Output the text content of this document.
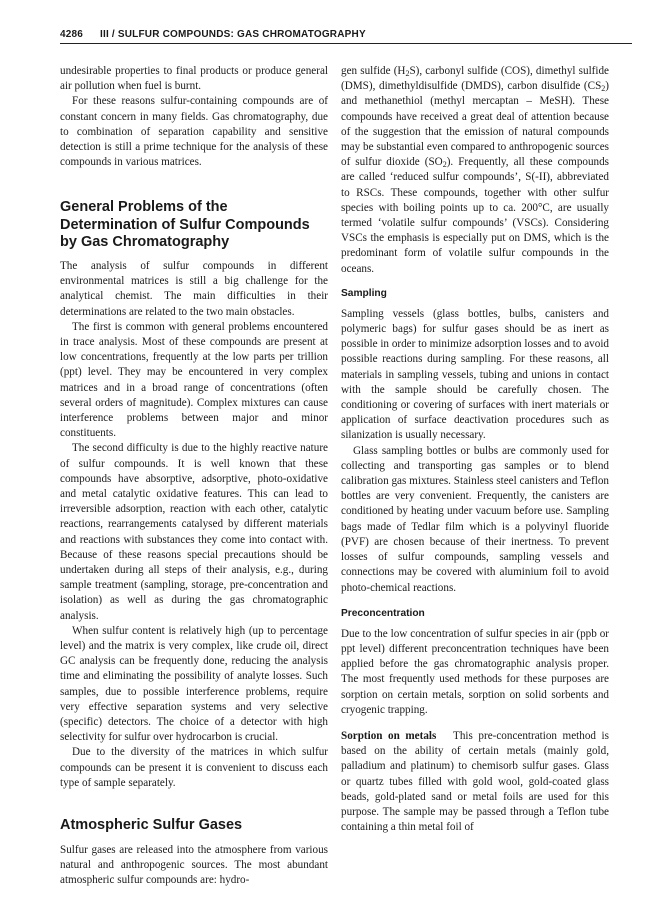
4286 III / SULFUR COMPOUNDS: GAS CHROMATOGRAPHY

undesirable properties to final products or produce general air pollution when fuel is burnt.

For these reasons sulfur-containing compounds are of constant concern in many fields. Gas chromatography, due to combination of separation capability and sensitive detection is still a prime technique for the analysis of these compounds in various matrices.

General Problems of the Determination of Sulfur Compounds by Gas Chromatography

The analysis of sulfur compounds in different environmental matrices is still a big challenge for the analytical chemist. The main difficulties in their determinations are related to the two main obstacles.

The first is common with general problems encountered in trace analysis. Most of these compounds are present at low concentrations, frequently at the low parts per trillion (ppt) level. They may be encountered in very complex matrices and in a broad range of concentrations (often several orders of magnitude). Complex mixtures can cause interference problems between major and minor constituents.

The second difficulty is due to the highly reactive nature of sulfur compounds. It is well known that these compounds have absorptive, adsorptive, photo-oxidative and metal catalytic oxidative features. This can lead to irreversible adsorption, reaction with each other, catalytic reactions, rearrangements catalysed by different materials and reactions with substances they come into contact with. Because of these reasons special precautions should be undertaken during all steps of their analysis, e.g., during sample treatment (sampling, storage, pre-concentration and isolation) as well as during the gas chromatographic analysis.

When sulfur content is relatively high (up to percentage level) and the matrix is very complex, like crude oil, direct GC analysis can be frequently done, reducing the analysis time and eliminating the possibility of analyte losses. Such samples, due to possible interference problems, require very effective separation systems and very selective (specific) detectors. The choice of a detector with high selectivity for sulfur over hydrocarbon is crucial.

Due to the diversity of the matrices in which sulfur compounds can be present it is convenient to discuss each type of sample separately.

Atmospheric Sulfur Gases

Sulfur gases are released into the atmosphere from various natural and anthropogenic sources. The most abundant atmospheric sulfur compounds are: hydro-

gen sulfide $(H_2S)$, carbonyl sulfide (COS), dimethyl sulfide (DMS), dimethyldisulfide (DMDS), carbon disulfide $(CS_2)$ and methanethiol (methyl mercaptan – MeSH). These compounds have received a great deal of attention because of the suggestion that the emission of natural compounds may be substantial even compared to anthropogenic sources of sulfur dioxide $(SO_2)$. Frequently, all these compounds are called ‘reduced sulfur compounds’, S(-II), abbreviated to RSCs. These compounds, together with other sulfur species with boiling points up to ca. 200°C, are usually termed ‘volatile sulfur compounds’ (VSCs). Considering VSCs the emphasis is especially put on DMS, which is the predominant form of volatile sulfur compounds in the oceans.

Sampling

Sampling vessels (glass bottles, bulbs, canisters and polymeric bags) for sulfur gases should be as inert as possible in order to minimize adsorption losses and to avoid possible reactions during sampling. For these reasons, all materials in sampling vessels, tubing and unions in contact with the sample should be carefully chosen. The conditioning or covering of surfaces with inert materials or application of surface deactivation procedures such as silanization is usually necessary.

Glass sampling bottles or bulbs are commonly used for collecting and transporting gas samples or to blend calibration gas mixtures. Stainless steel canisters and Teflon bottles are very convenient. Frequently, the canisters are conditioned by heating under vacuum before use. Sampling bags made of Tedlar film which is a polyvinyl fluoride (PVF) are chosen because of their inertness. To prevent losses of sulfur compounds, sampling vessels and connections may be covered with aluminium foil to avoid photo-chemical reactions.

Preconcentration

Due to the low concentration of sulfur species in air (ppb or ppt level) different preconcentration techniques have been applied before the gas chromatographic analysis proper. The most frequently used methods for these purposes are sorption on certain metals, sorption on solid sorbents and cryogenic trapping.

Sorption on metals This pre-concentration method is based on the ability of certain metals (mainly gold, palladium and platinum) to chemisorb sulfur gases. Glass or quartz tubes filled with gold wool, gold-coated glass beads, gold-plated sand or metal foils are used for this purpose. The sample may be passed through a Teflon tube containing a thin metal foil of
